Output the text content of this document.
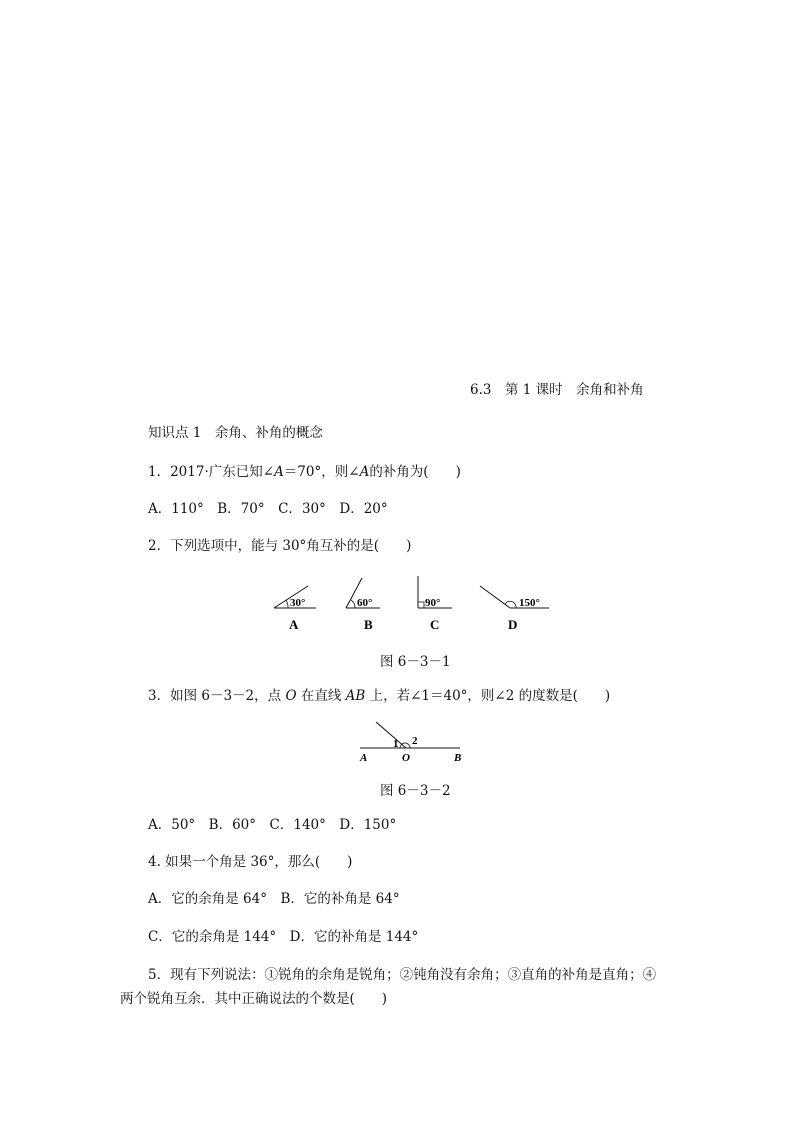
6.3　第 1 课时　余角和补角
知识点 1　余角、补角的概念
1．2017·广东已知∠A＝70°，则∠A的补角为(　　)
A．110°　B．70°　C．30°　D．20°
2．下列选项中，能与 30°角互补的是(　　)
30°	60°	90°	150°
A	B	C	D
图 6－3－1
3．如图 6－3－2，点 O 在直线 AB 上，若∠1＝40°，则∠2 的度数是(　　)
1 2
A	O	B
图 6－3－2
A．50°　B．60°　C．140°　D．150°
4. 如果一个角是 36°，那么(　　)
A．它的余角是 64°　B．它的补角是 64°
C．它的余角是 144°　D．它的补角是 144°
5．现有下列说法：①锐角的余角是锐角；②钝角没有余角；③直角的补角是直角；④
两个锐角互余．其中正确说法的个数是(　　)
